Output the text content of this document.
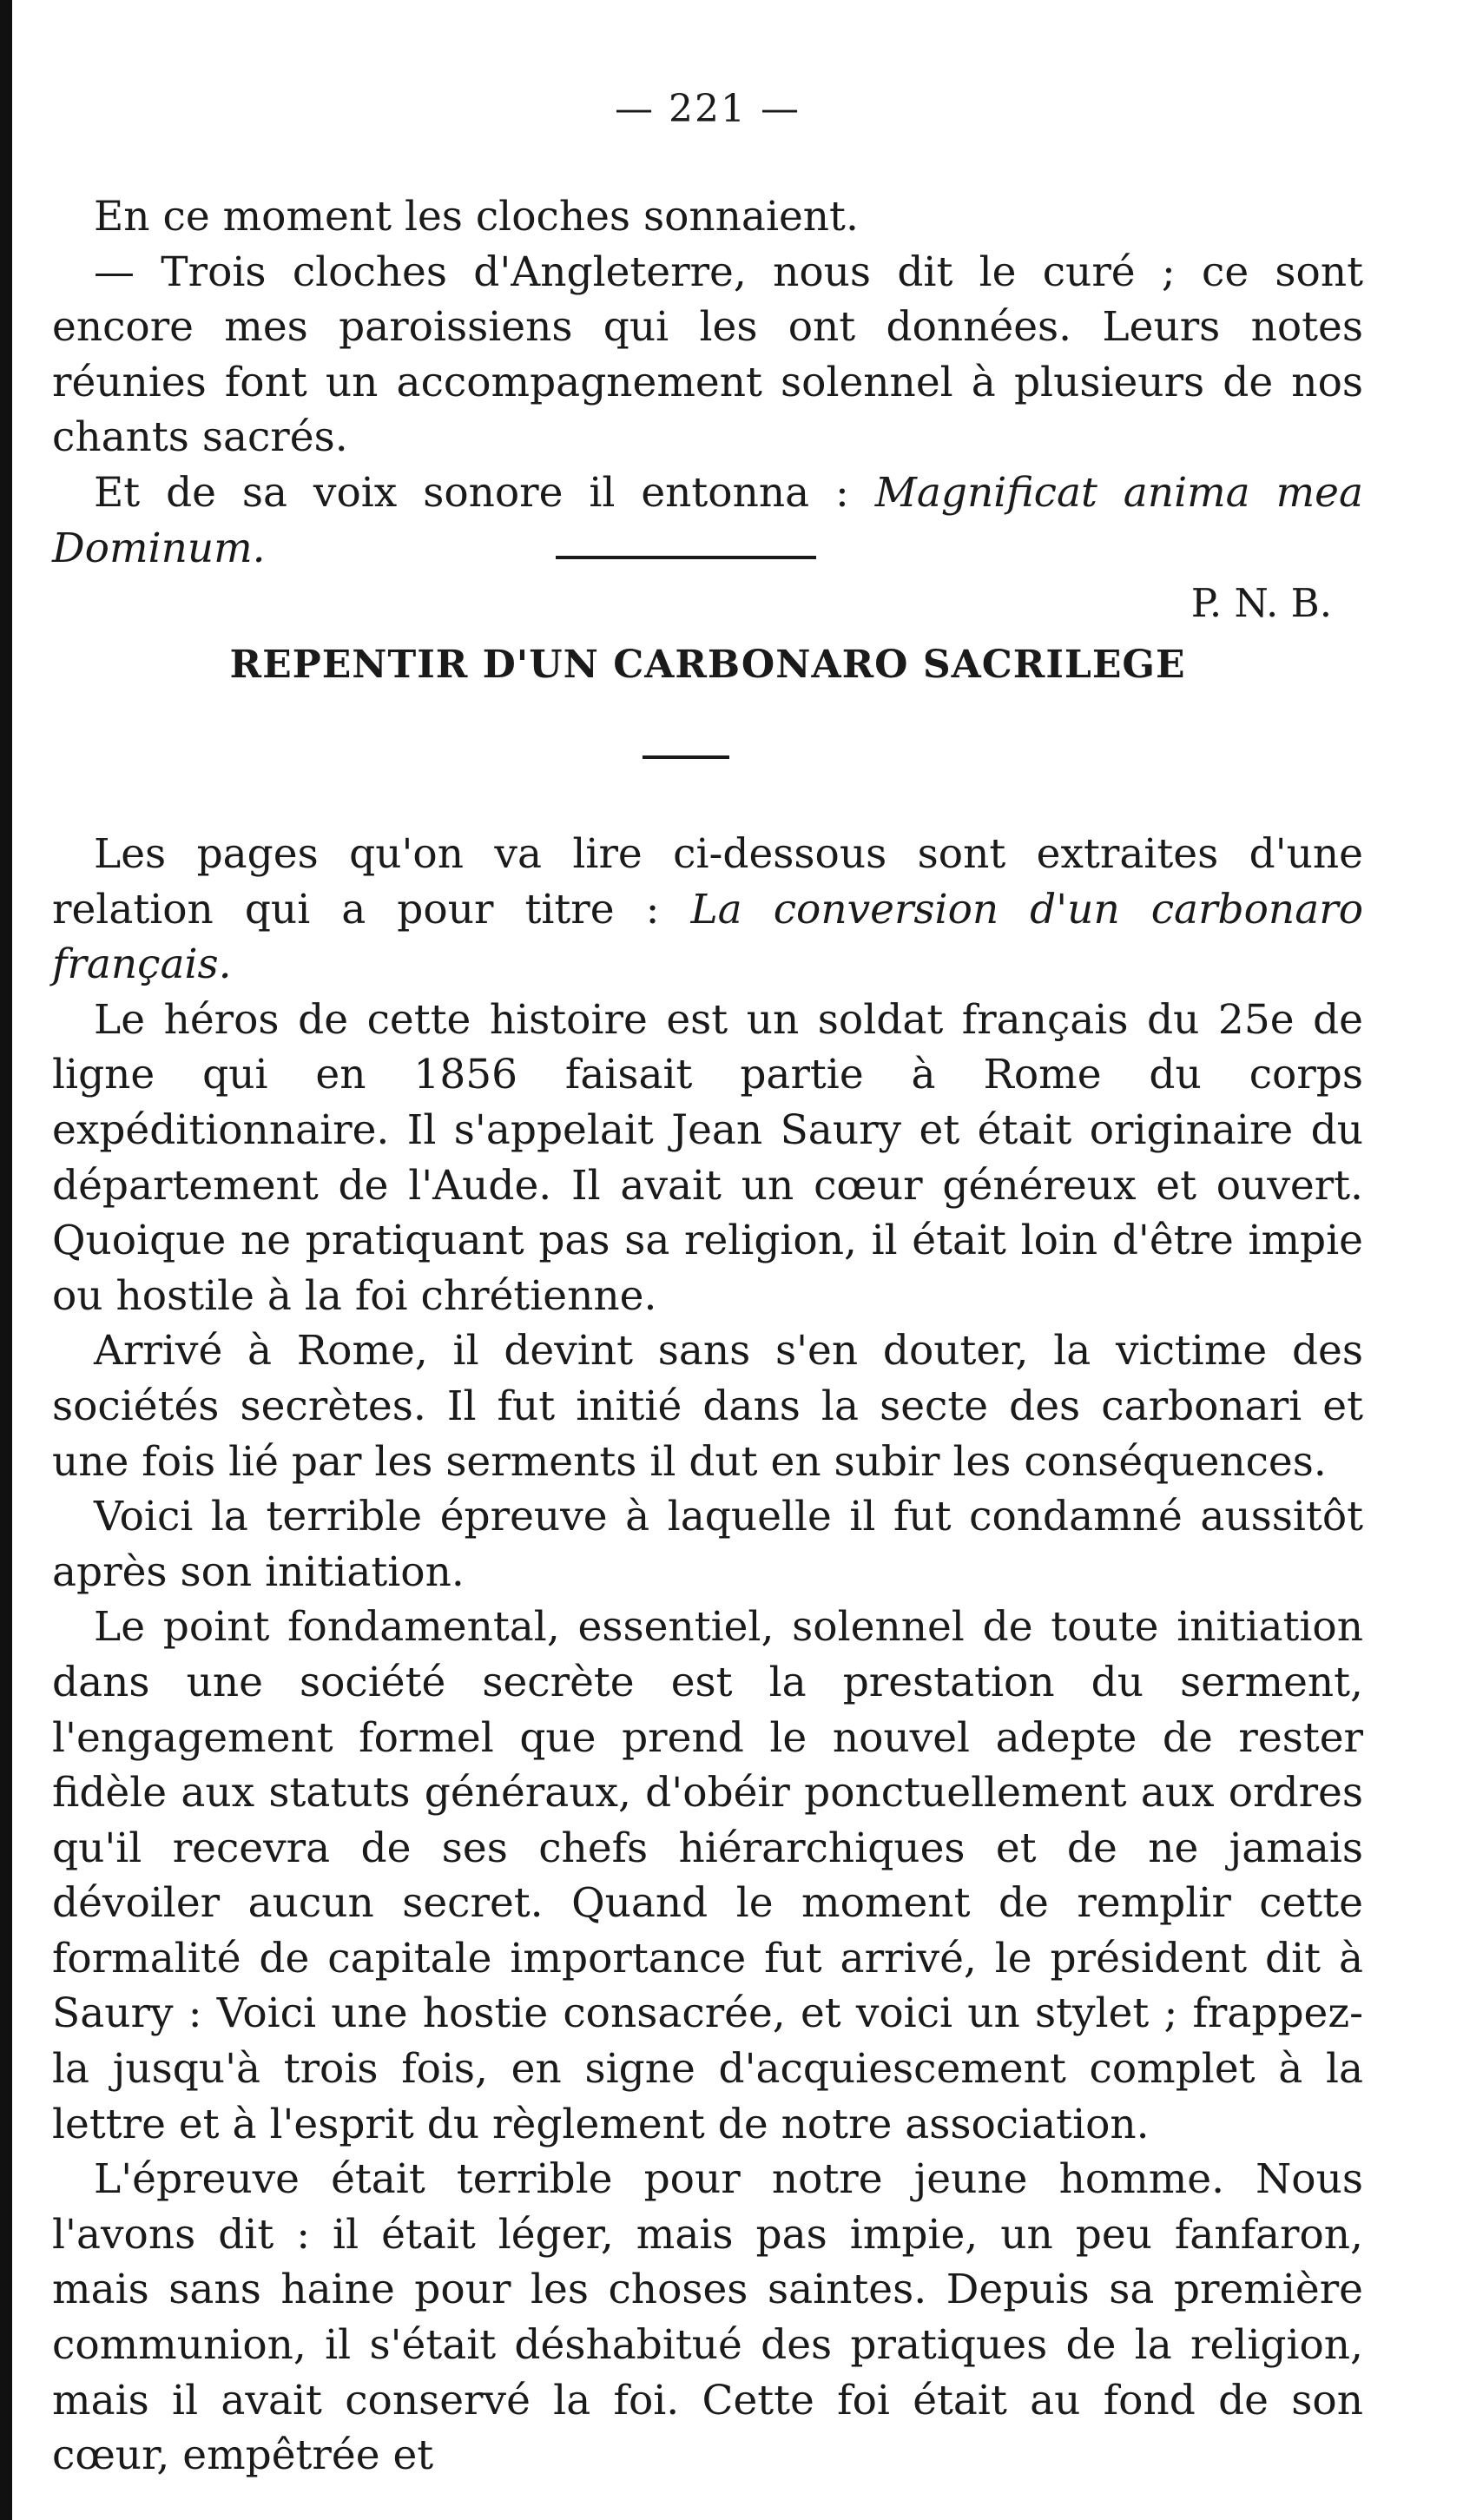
— 221 —

En ce moment les cloches sonnaient.

— Trois cloches d'Angleterre, nous dit le curé ; ce sont encore mes paroissiens qui les ont données. Leurs notes réunies font un accompagnement solennel à plusieurs de nos chants sacrés.

Et de sa voix sonore il entonna : Magnificat anima mea Dominum.

P. N. B.
REPENTIR D'UN CARBONARO SACRILEGE

Les pages qu'on va lire ci-dessous sont extraites d'une relation qui a pour titre : La conversion d'un carbonaro français.

Le héros de cette histoire est un soldat français du 25e de ligne qui en 1856 faisait partie à Rome du corps expéditionnaire. Il s'appelait Jean Saury et était originaire du département de l'Aude. Il avait un cœur généreux et ouvert. Quoique ne pratiquant pas sa religion, il était loin d'être impie ou hostile à la foi chrétienne.

Arrivé à Rome, il devint sans s'en douter, la victime des sociétés secrètes. Il fut initié dans la secte des carbonari et une fois lié par les serments il dut en subir les conséquences.

Voici la terrible épreuve à laquelle il fut condamné aussitôt après son initiation.

Le point fondamental, essentiel, solennel de toute initiation dans une société secrète est la prestation du serment, l'engagement formel que prend le nouvel adepte de rester fidèle aux statuts généraux, d'obéir ponctuellement aux ordres qu'il recevra de ses chefs hiérarchiques et de ne jamais dévoiler aucun secret. Quand le moment de remplir cette formalité de capitale importance fut arrivé, le président dit à Saury : Voici une hostie consacrée, et voici un stylet ; frappez-la jusqu'à trois fois, en signe d'acquiescement complet à la lettre et à l'esprit du règlement de notre association.

L'épreuve était terrible pour notre jeune homme. Nous l'avons dit : il était léger, mais pas impie, un peu fanfaron, mais sans haine pour les choses saintes. Depuis sa première communion, il s'était déshabitué des pratiques de la religion, mais il avait conservé la foi. Cette foi était au fond de son cœur, empêtrée et
